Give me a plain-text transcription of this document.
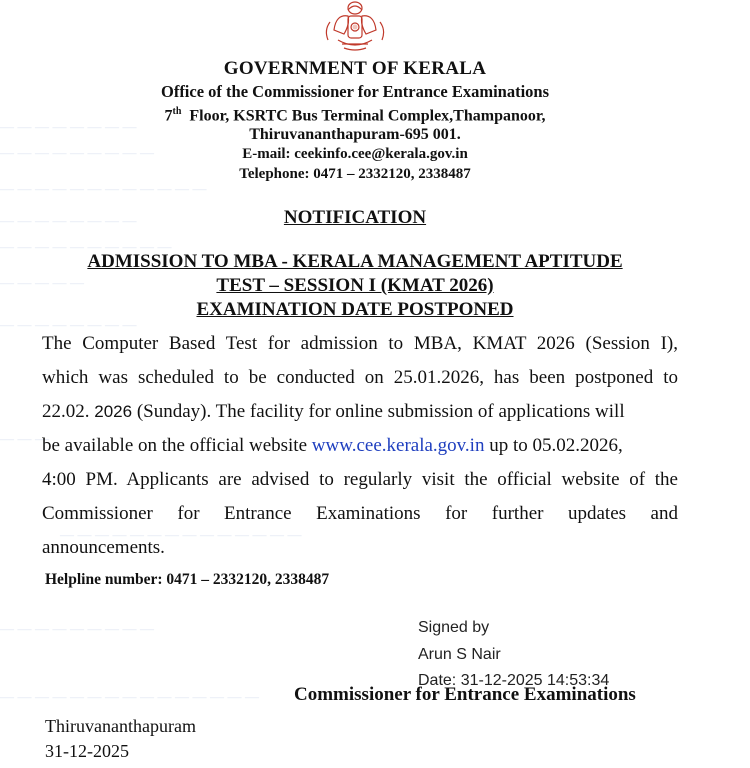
— — — — — — — —
— — — — — — — — —
— — — — — — — — — — — —
— — — — — — — —
— — — — — — — — — —
— — — — —
— — — — — — — —
— — —
— — — — — — — — — — — — — —
— — — — — — — — —
— — — — — — — — — — — — — — —
GOVERNMENT OF KERALA
Office of the Commissioner for Entrance Examinations
7th Floor, KSRTC Bus Terminal Complex,Thampanoor,
Thiruvananthapuram-695 001.
E-mail: ceekinfo.cee@kerala.gov.in
Telephone: 0471 – 2332120, 2338487
NOTIFICATION
ADMISSION TO MBA - KERALA MANAGEMENT APTITUDE
TEST – SESSION I (KMAT 2026)
EXAMINATION DATE POSTPONED
The Computer Based Test for admission to MBA, KMAT 2026 (Session I),
which was scheduled to be conducted on 25.01.2026, has been postponed to
22.02. 2026 (Sunday). The facility for online submission of applications will
be available on the official website www.cee.kerala.gov.in up to 05.02.2026,
4:00 PM. Applicants are advised to regularly visit the official website of the
Commissioner for Entrance Examinations for further updates and
announcements.
Helpline number: 0471 – 2332120, 2338487
Signed by
Arun S Nair
Date: 31-12-2025 14:53:34
Commissioner for Entrance Examinations
Thiruvananthapuram
31-12-2025
